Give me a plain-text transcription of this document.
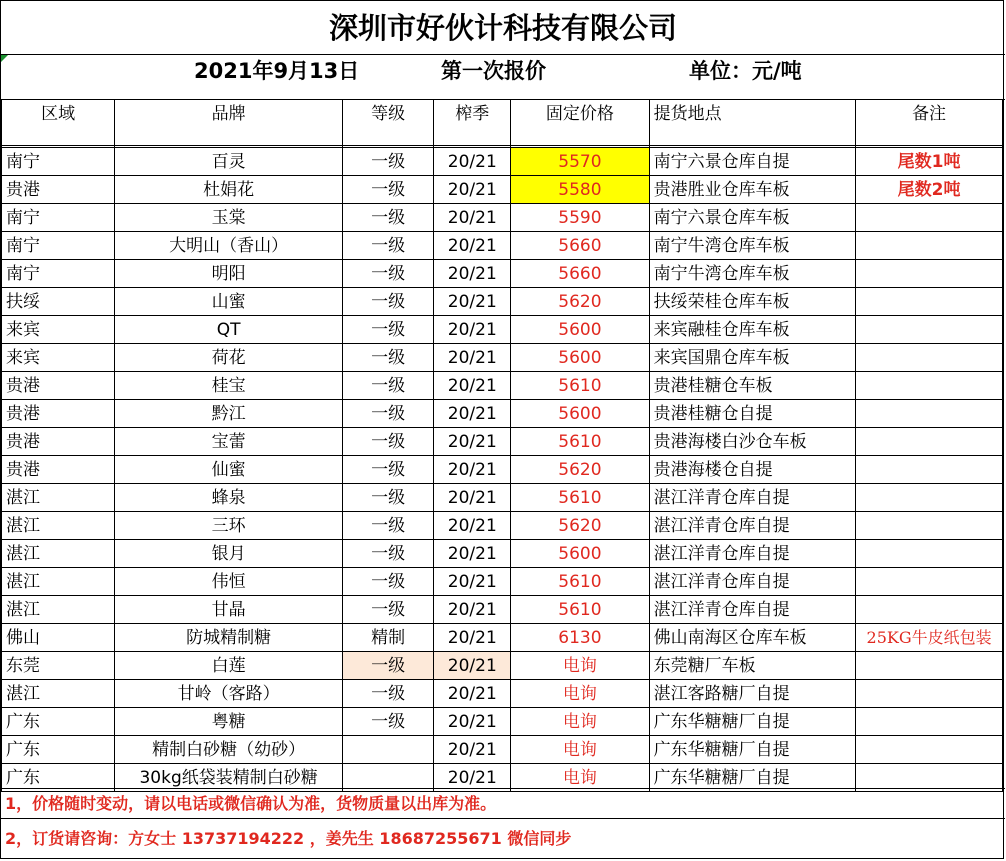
深圳市好伙计科技有限公司
2021年9月13日	第一次报价	单位：元/吨
区域	品牌	等级	榨季	固定价格	提货地点	备注

南宁	百灵	一级	20/21	5570	南宁六景仓库自提	尾数1吨
贵港	杜娟花	一级	20/21	5580	贵港胜业仓库车板	尾数2吨
南宁	玉棠	一级	20/21	5590	南宁六景仓库车板	
南宁	大明山（香山）	一级	20/21	5660	南宁牛湾仓库车板	
南宁	明阳	一级	20/21	5660	南宁牛湾仓库车板	
扶绥	山蜜	一级	20/21	5620	扶绥荣桂仓库车板	
来宾	QT	一级	20/21	5600	来宾融桂仓库车板	
来宾	荷花	一级	20/21	5600	来宾国鼎仓库车板	
贵港	桂宝	一级	20/21	5610	贵港桂糖仓车板	
贵港	黔江	一级	20/21	5600	贵港桂糖仓自提	
贵港	宝蕾	一级	20/21	5610	贵港海楼白沙仓车板	
贵港	仙蜜	一级	20/21	5620	贵港海楼仓自提	
湛江	蜂泉	一级	20/21	5610	湛江洋青仓库自提	
湛江	三环	一级	20/21	5620	湛江洋青仓库自提	
湛江	银月	一级	20/21	5600	湛江洋青仓库自提	
湛江	伟恒	一级	20/21	5610	湛江洋青仓库自提	
湛江	甘晶	一级	20/21	5610	湛江洋青仓库自提	
佛山	防城精制糖	精制	20/21	6130	佛山南海区仓库车板	25KG牛皮纸包装
东莞	白莲	一级	20/21	电询	东莞糖厂车板	
湛江	甘岭（客路）	一级	20/21	电询	湛江客路糖厂自提	
广东	粤糖	一级	20/21	电询	广东华糖糖厂自提	
广东	精制白砂糖（幼砂）		20/21	电询	广东华糖糖厂自提	
广东	30kg纸袋装精制白砂糖		20/21	电询	广东华糖糖厂自提	
1，价格随时变动，请以电话或微信确认为准，货物质量以出库为准。
2，订货请咨询：方女士 13737194222 ，姜先生 18687255671 微信同步
